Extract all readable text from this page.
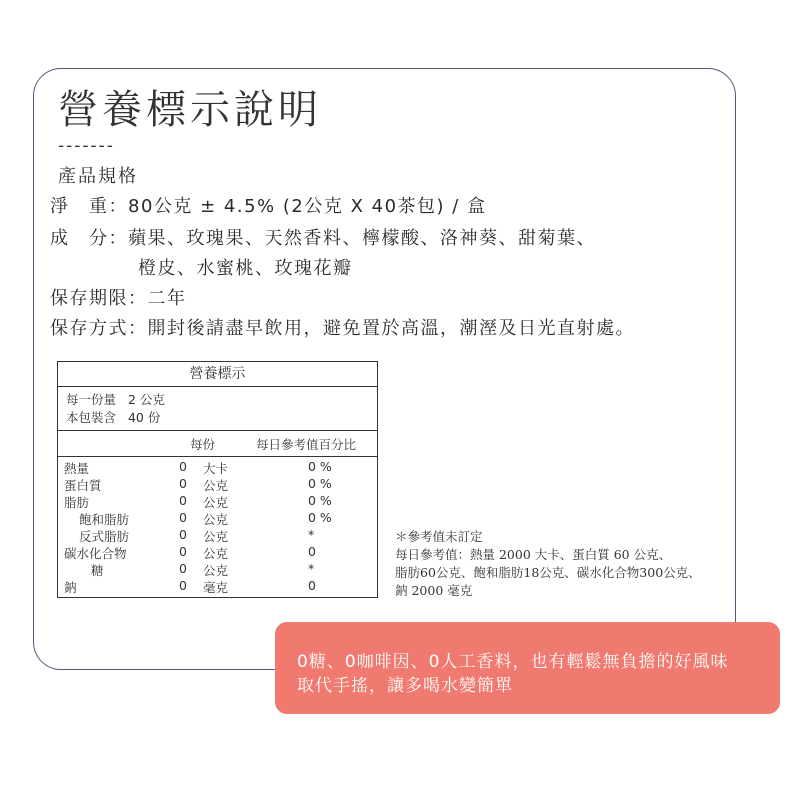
營養標示說明
-------
產品規格
淨　重：80公克 ± 4.5% (2公克 X 40茶包) / 盒
成　分：蘋果、玫瑰果、天然香料、檸檬酸、洛神葵、甜菊葉、
橙皮、水蜜桃、玫瑰花瓣
保存期限：二年
保存方式：開封後請盡早飲用，避免置於高溫，潮溼及日光直射處。
營養標示
每一份量 2 公克
本包裝含 40 份
每份	每日參考值百分比
熱量	0 大卡	0 %
蛋白質	0 公克	0 %
脂肪	0 公克	0 %
飽和脂肪	0 公克	0 %
反式脂肪	0 公克	*
碳水化合物	0 公克	0
糖	0 公克	*
鈉	0 毫克	0
＊參考值未訂定
每日參考值：熱量 2000 大卡、蛋白質 60 公克、
脂肪60公克、飽和脂肪18公克、碳水化合物300公克、
鈉 2000 毫克
0糖、0咖啡因、0人工香料，也有輕鬆無負擔的好風味
取代手搖，讓多喝水變簡單
